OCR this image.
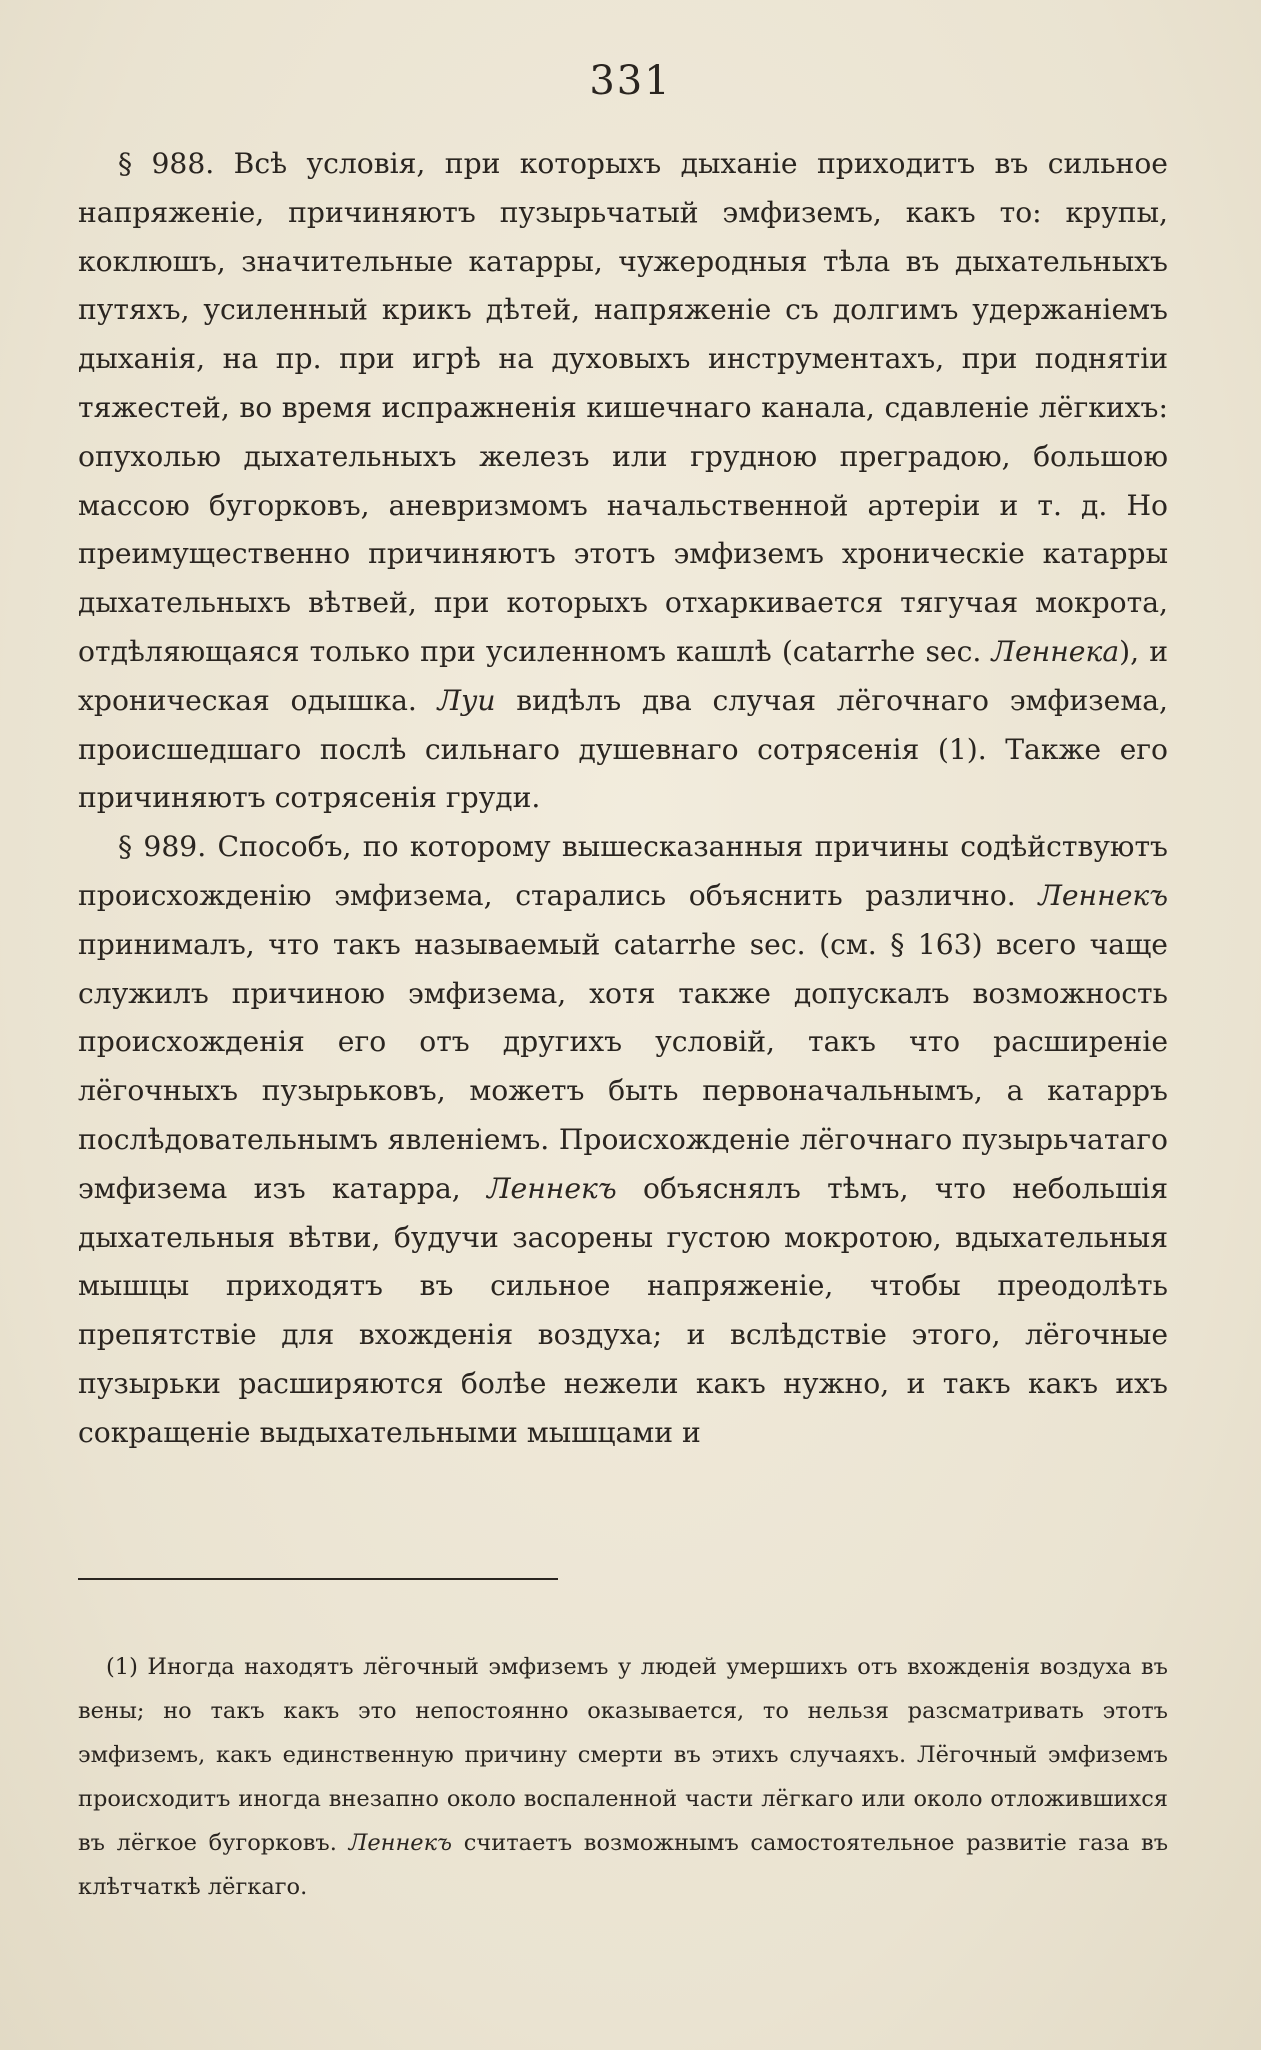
331

§ 988. Всѣ условія, при которыхъ дыханіе приходитъ въ сильное напряженіе, причиняютъ пузырьчатый эмфиземъ, какъ то: крупы, коклюшъ, значительные катарры, чужеродныя тѣла въ дыхательныхъ путяхъ, усиленный крикъ дѣтей, напряженіе съ долгимъ удержаніемъ дыханія, на пр. при игрѣ на духовыхъ инструментахъ, при поднятіи тяжестей, во время испражненія кишечнаго канала, сдавленіе лёгкихъ: опухолью дыхательныхъ железъ или грудною преградою, большою массою бугорковъ, аневризмомъ начальственной артеріи и т. д. Но преимущественно причиняютъ этотъ эмфиземъ хроническіе катарры дыхательныхъ вѣтвей, при которыхъ отхаркивается тягучая мокрота, отдѣляющаяся только при усиленномъ кашлѣ (catarrhe sec. Леннека), и хроническая одышка. Луи видѣлъ два случая лёгочнаго эмфизема, происшедшаго послѣ сильнаго душевнаго сотрясенія (1). Также его причиняютъ сотрясенія груди.

§ 989. Способъ, по которому вышесказанныя причины содѣйствуютъ происхожденію эмфизема, старались объяснить различно. Леннекъ принималъ, что такъ называемый catarrhe sec. (см. § 163) всего чаще служилъ причиною эмфизема, хотя также допускалъ возможность происхожденія его отъ другихъ условій, такъ что расширеніе лёгочныхъ пузырьковъ, можетъ быть первоначальнымъ, а катарръ послѣдовательнымъ явленіемъ. Происхожденіе лёгочнаго пузырьчатаго эмфизема изъ катарра, Леннекъ объяснялъ тѣмъ, что небольшія дыхательныя вѣтви, будучи засорены густою мокротою, вдыхательныя мышцы приходятъ въ сильное напряженіе, чтобы преодолѣть препятствіе для вхожденія воздуха; и вслѣдствіе этого, лёгочные пузырьки расширяются болѣе нежели какъ нужно, и такъ какъ ихъ сокращеніе выдыхательными мышцами и

(1) Иногда находятъ лёгочный эмфиземъ у людей умершихъ отъ вхожденія воздуха въ вены; но такъ какъ это непостоянно оказывается, то нельзя разсматривать этотъ эмфиземъ, какъ единственную причину смерти въ этихъ случаяхъ. Лёгочный эмфиземъ происходитъ иногда внезапно около воспаленной части лёгкаго или около отложившихся въ лёгкое бугорковъ. Леннекъ считаетъ возможнымъ самостоятельное развитіе газа въ клѣтчаткѣ лёгкаго.
